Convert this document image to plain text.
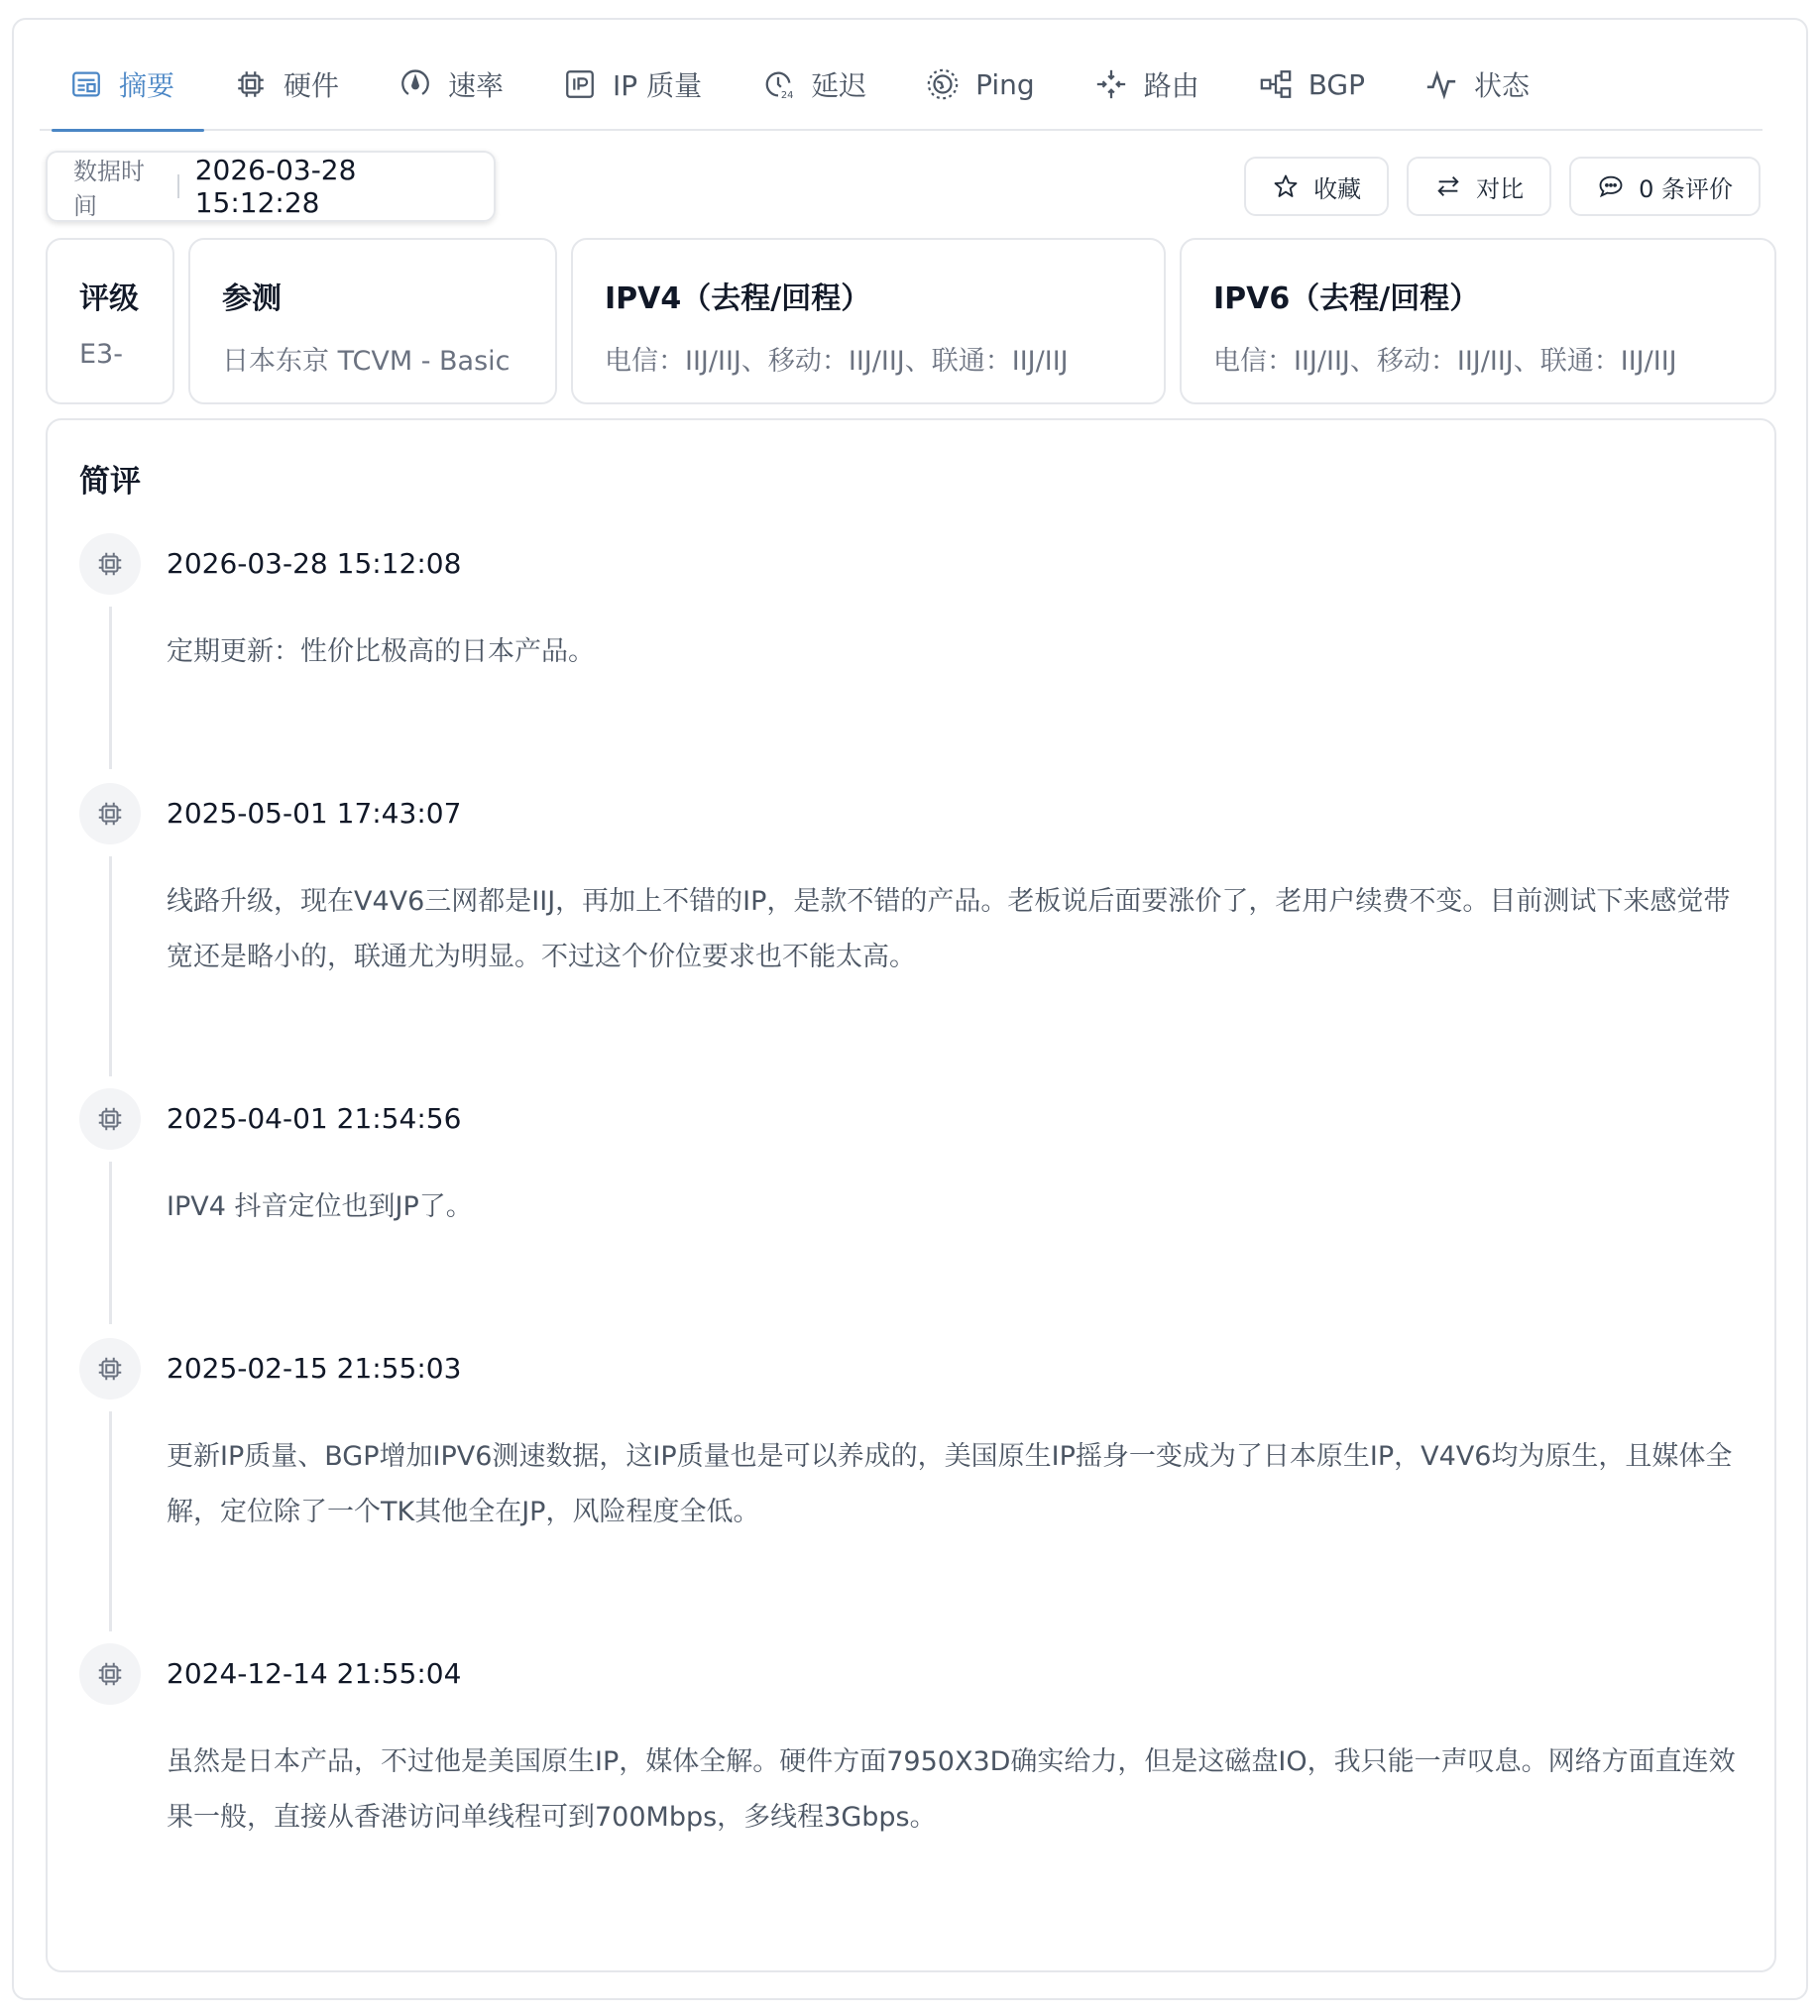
摘要	硬件	速率	IP 质量	24 延迟	Ping	路由	BGP	状态
数据时间
2026-03-28 15:12:28	收藏	对比	0 条评价
评级
E3-
参测
日本东京 TCVM - Basic
IPV4（去程/回程）
电信：IIJ/IIJ、移动：IIJ/IIJ、联通：IIJ/IIJ
IPV6（去程/回程）
电信：IIJ/IIJ、移动：IIJ/IIJ、联通：IIJ/IIJ
简评
2026-03-28 15:12:08
定期更新：性价比极高的日本产品。
2025-05-01 17:43:07
线路升级，现在V4V6三网都是IIJ，再加上不错的IP，是款不错的产品。老板说后面要涨价了，老用户续费不变。目前测试下来感觉带宽还是略小的，联通尤为明显。不过这个价位要求也不能太高。
2025-04-01 21:54:56
IPV4 抖音定位也到JP了。
2025-02-15 21:55:03
更新IP质量、BGP增加IPV6测速数据，这IP质量也是可以养成的，美国原生IP摇身一变成为了日本原生IP，V4V6均为原生，且媒体全解，定位除了一个TK其他全在JP，风险程度全低。
2024-12-14 21:55:04
虽然是日本产品，不过他是美国原生IP，媒体全解。硬件方面7950X3D确实给力，但是这磁盘IO，我只能一声叹息。网络方面直连效果一般，直接从香港访问单线程可到700Mbps，多线程3Gbps。
